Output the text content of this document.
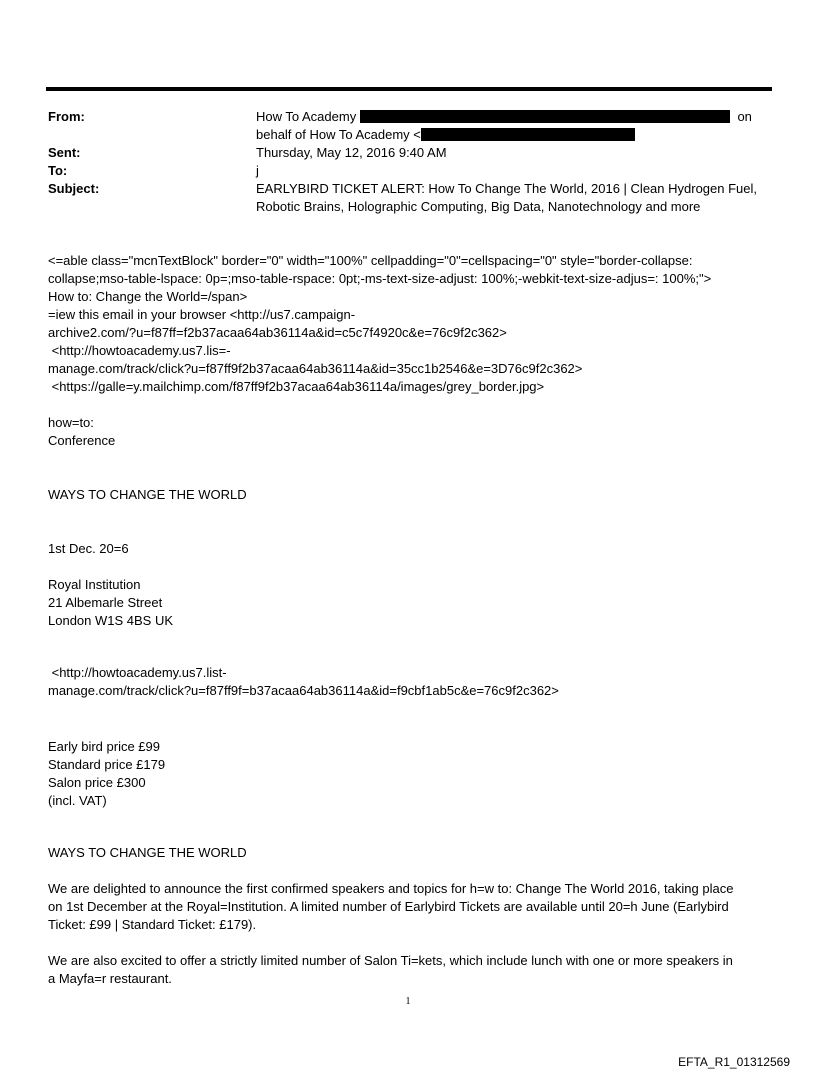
From:	How To Academy	on
behalf of How To Academy <
Sent:	Thursday, May 12, 2016 9:40 AM
To:	j
Subject:	EARLYBIRD TICKET ALERT: How To Change The World, 2016 | Clean Hydrogen Fuel,
Robotic Brains, Holographic Computing, Big Data, Nanotechnology and more

<=able class="mcnTextBlock" border="0" width="100%" cellpadding="0"=cellspacing="0" style="border-collapse:

collapse;mso-table-lspace: 0p=;mso-table-rspace: 0pt;-ms-text-size-adjust: 100%;-webkit-text-size-adjus=: 100%;">

How to: Change the World=/span>

=iew this email in your browser <http://us7.campaign-

archive2.com/?u=f87ff=f2b37acaa64ab36114a&id=c5c7f4920c&e=76c9f2c362>

<http://howtoacademy.us7.lis=-

manage.com/track/click?u=f87ff9f2b37acaa64ab36114a&id=35cc1b2546&e=3D76c9f2c362>

<https://galle=y.mailchimp.com/f87ff9f2b37acaa64ab36114a/images/grey_border.jpg>

how=to:

Conference

WAYS TO CHANGE THE WORLD
1st Dec. 20=6

Royal Institution

21 Albemarle Street

London W1S 4BS UK

<http://howtoacademy.us7.list-

manage.com/track/click?u=f87ff9f=b37acaa64ab36114a&id=f9cbf1ab5c&e=76c9f2c362>

Early bird price £99

Standard price £179

Salon price £300

(incl. VAT)

WAYS TO CHANGE THE WORLD

We are delighted to announce the first confirmed speakers and topics for h=w to: Change The World 2016, taking place

on 1st December at the Royal=Institution. A limited number of Earlybird Tickets are available until 20=h June (Earlybird

Ticket: £99 | Standard Ticket: £179).

We are also excited to offer a strictly limited number of Salon Ti=kets, which include lunch with one or more speakers in

a Mayfa=r restaurant.

1
EFTA_R1_01312569
